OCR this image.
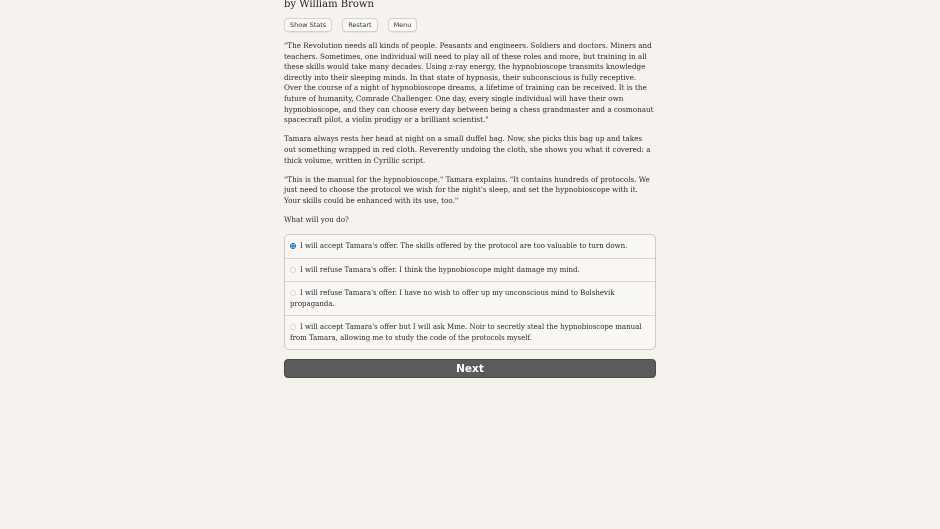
by William Brown
Show Stats	Restart	Menu

"The Revolution needs all kinds of people. Peasants and engineers. Soldiers and doctors. Miners and teachers. Sometimes, one individual will need to play all of these roles and more, but training in all these skills would take many decades. Using z-ray energy, the hypnobioscope transmits knowledge directly into their sleeping minds. In that state of hypnosis, their subconscious is fully receptive. Over the course of a night of hypnobioscope dreams, a lifetime of training can be received. It is the future of humanity, Comrade Challenger. One day, every single individual will have their own hypnobioscope, and they can choose every day between being a chess grandmaster and a cosmonaut spacecraft pilot, a violin prodigy or a brilliant scientist."

Tamara always rests her head at night on a small duffel bag. Now, she picks this bag up and takes out something wrapped in red cloth. Reverently undoing the cloth, she shows you what it covered: a thick volume, written in Cyrillic script.

"This is the manual for the hypnobioscope," Tamara explains. "It contains hundreds of protocols. We just need to choose the protocol we wish for the night's sleep, and set the hypnobioscope with it. Your skills could be enhanced with its use, too."

What will you do?

I will accept Tamara's offer. The skills offered by the protocol are too valuable to turn down.
I will refuse Tamara's offer. I think the hypnobioscope might damage my mind.
I will refuse Tamara's offer. I have no wish to offer up my unconscious mind to Bolshevik propaganda.
I will accept Tamara's offer but I will ask Mme. Noir to secretly steal the hypnobioscope manual from Tamara, allowing me to study the code of the protocols myself.
Next
